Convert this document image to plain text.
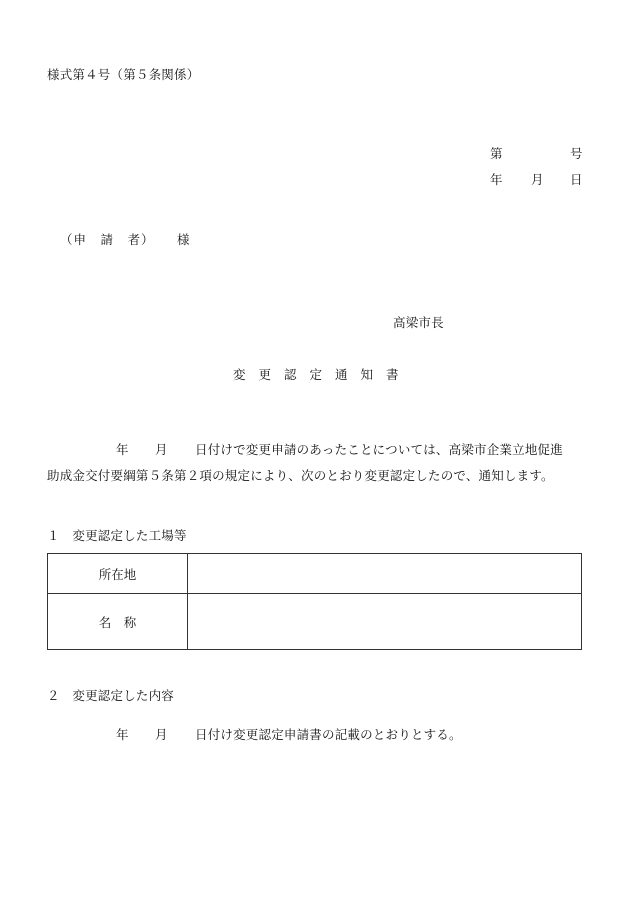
様式第４号（第５条関係）
第	号
年 月 日
（申　請　者） 様
高梁市長
変更認定通知書
年 月 日付けで変更申請のあったことについては、高梁市企業立地促進
助成金交付要綱第５条第２項の規定により、次のとおり変更認定したので、通知します。
１　変更認定した工場等
所在地
名　称
２　変更認定した内容
年 月 日付け変更認定申請書の記載のとおりとする。
